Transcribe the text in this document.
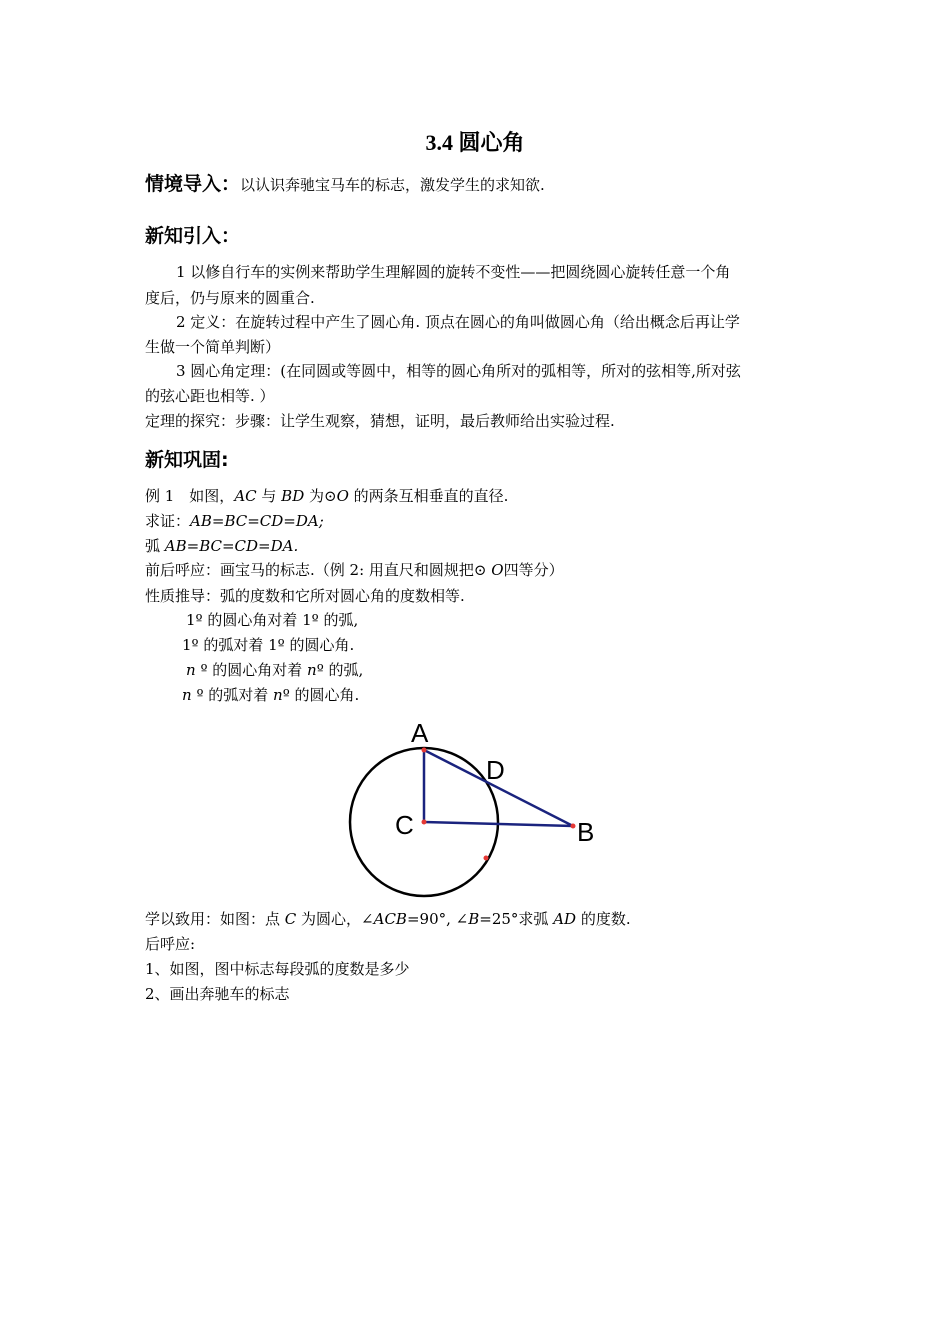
3.4 圆心角
情境导入：以认识奔驰宝马车的标志，激发学生的求知欲.
新知引入：
1 以修自行车的实例来帮助学生理解圆的旋转不变性——把圆绕圆心旋转任意一个角
度后，仍与原来的圆重合.
2 定义：在旋转过程中产生了圆心角. 顶点在圆心的角叫做圆心角（给出概念后再让学
生做一个简单判断）
3 圆心角定理：(在同圆或等圆中，相等的圆心角所对的弧相等，所对的弦相等,所对弦
的弦心距也相等. ）
定理的探究：步骤：让学生观察，猜想，证明，最后教师给出实验过程.
新知巩固:
例 1　如图，AC 与 BD 为⊙O 的两条互相垂直的直径.
求证：AB=BC=CD=DA;
弧 AB=BC=CD=DA.
前后呼应：画宝马的标志.（例 2: 用直尺和圆规把⊙ O四等分）
性质推导：弧的度数和它所对圆心角的度数相等.
1º 的圆心角对着 1º 的弧,
1º 的弧对着 1º 的圆心角.
n º 的圆心角对着 nº 的弧,
n º 的弧对着 nº 的圆心角.
A
D
C	B
学以致用：如图：点 C 为圆心，∠ACB=90°, ∠B=25°求弧 AD 的度数.
后呼应:
1、如图，图中标志每段弧的度数是多少
2、画出奔驰车的标志
